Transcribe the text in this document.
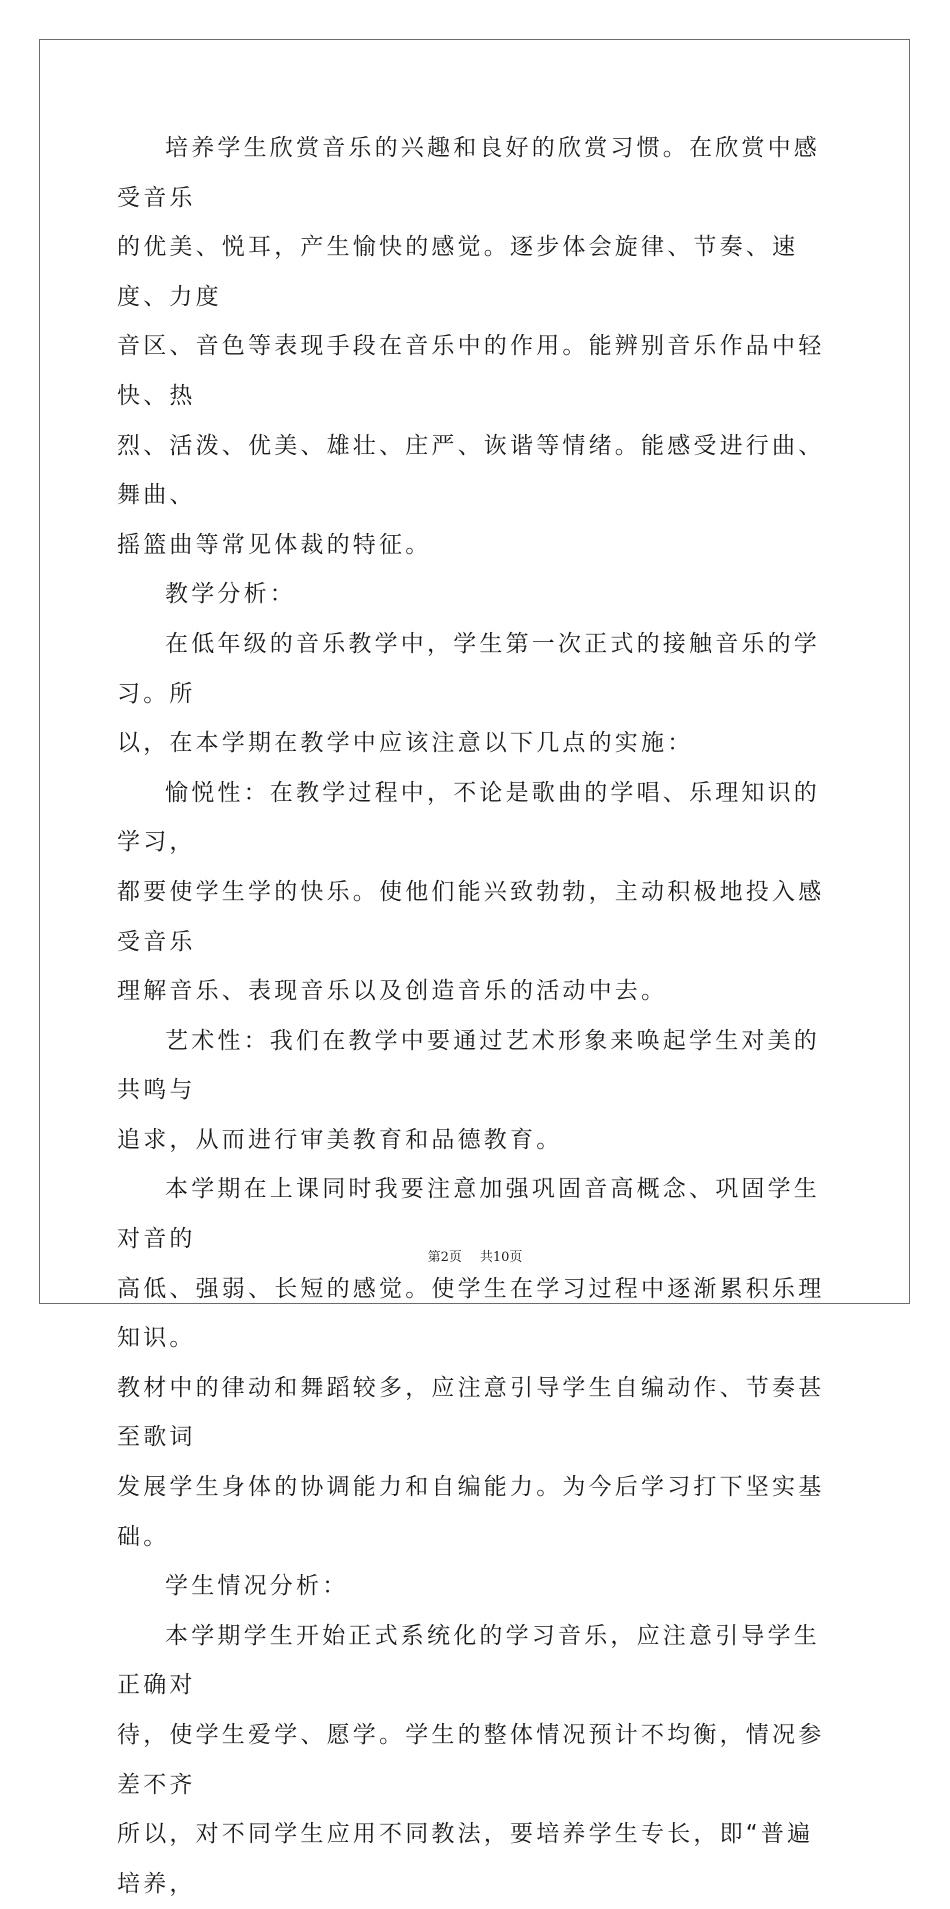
培养学生欣赏音乐的兴趣和良好的欣赏习惯。在欣赏中感受音乐
的优美、悦耳，产生愉快的感觉。逐步体会旋律、节奏、速度、力度
音区、音色等表现手段在音乐中的作用。能辨别音乐作品中轻快、热
烈、活泼、优美、雄壮、庄严、诙谐等情绪。能感受进行曲、舞曲、
摇篮曲等常见体裁的特征。

教学分析：

在低年级的音乐教学中，学生第一次正式的接触音乐的学习。所
以，在本学期在教学中应该注意以下几点的实施：

愉悦性：在教学过程中，不论是歌曲的学唱、乐理知识的学习，
都要使学生学的快乐。使他们能兴致勃勃，主动积极地投入感受音乐
理解音乐、表现音乐以及创造音乐的活动中去。

艺术性：我们在教学中要通过艺术形象来唤起学生对美的共鸣与
追求，从而进行审美教育和品德教育。

本学期在上课同时我要注意加强巩固音高概念、巩固学生对音的
高低、强弱、长短的感觉。使学生在学习过程中逐渐累积乐理知识。
教材中的律动和舞蹈较多，应注意引导学生自编动作、节奏甚至歌词
发展学生身体的协调能力和自编能力。为今后学习打下坚实基础。

学生情况分析：

本学期学生开始正式系统化的学习音乐，应注意引导学生正确对
待，使学生爱学、愿学。学生的整体情况预计不均衡，情况参差不齐
所以，对不同学生应用不同教法，要培养学生专长，即“普遍培养，

第2页 共10页
